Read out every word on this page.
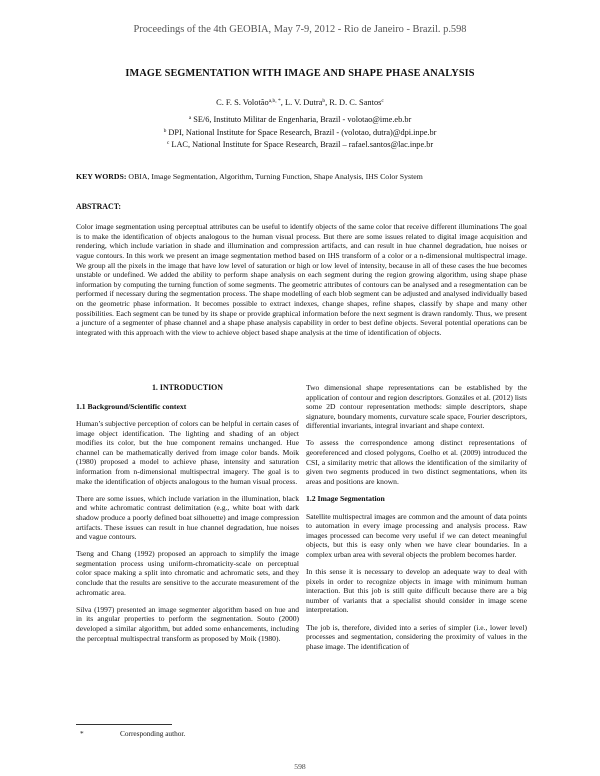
Proceedings of the 4th GEOBIA, May 7-9, 2012 - Rio de Janeiro - Brazil. p.598
IMAGE SEGMENTATION WITH IMAGE AND SHAPE PHASE ANALYSIS
C. F. S. Volotão$^{a,b, *}$, L. V. Dutra$^b$, R. D. C. Santos$^c$
$^a$ SE/6, Instituto Militar de Engenharia, Brazil - volotao@ime.eb.br
$^b$ DPI, National Institute for Space Research, Brazil - (volotao, dutra)@dpi.inpe.br
$^c$ LAC, National Institute for Space Research, Brazil – rafael.santos@lac.inpe.br
KEY WORDS: OBIA, Image Segmentation, Algorithm, Turning Function, Shape Analysis, IHS Color System
ABSTRACT:
Color image segmentation using perceptual attributes can be useful to identify objects of the same color that receive different illuminations The goal is to make the identification of objects analogous to the human visual process. But there are some issues related to digital image acquisition and rendering, which include variation in shade and illumination and compression artifacts, and can result in hue channel degradation, hue noises or vague contours. In this work we present an image segmentation method based on IHS transform of a color or a n-dimensional multispectral image. We group all the pixels in the image that have low level of saturation or high or low level of intensity, because in all of these cases the hue becomes unstable or undefined. We added the ability to perform shape analysis on each segment during the region growing algorithm, using shape phase information by computing the turning function of some segments. The geometric attributes of contours can be analysed and a resegmentation can be performed if necessary during the segmentation process. The shape modelling of each blob segment can be adjusted and analysed individually based on the geometric phase information. It becomes possible to extract indexes, change shapes, refine shapes, classify by shape and many other possibilities. Each segment can be tuned by its shape or provide graphical information before the next segment is drawn randomly. Thus, we present a juncture of a segmenter of phase channel and a shape phase analysis capability in order to best define objects. Several potential operations can be integrated with this approach with the view to achieve object based shape analysis at the time of identification of objects.
1. INTRODUCTION
1.1 Background/Scientific context

Human’s subjective perception of colors can be helpful in certain cases of image object identification. The lighting and shading of an object modifies its color, but the hue component remains unchanged. Hue channel can be mathematically derived from image color bands. Moik (1980) proposed a model to achieve phase, intensity and saturation information from n-dimensional multispectral imagery. The goal is to make the identification of objects analogous to the human visual process.

There are some issues, which include variation in the illumination, black and white achromatic contrast delimitation (e.g., white boat with dark shadow produce a poorly defined boat silhouette) and image compression artifacts. These issues can result in hue channel degradation, hue noises and vague contours.

Tseng and Chang (1992) proposed an approach to simplify the image segmentation process using uniform-chromaticity-scale on perceptual color space making a split into chromatic and achromatic sets, and they conclude that the results are sensitive to the accurate measurement of the achromatic area.

Silva (1997) presented an image segmenter algorithm based on hue and in its angular properties to perform the segmentation. Souto (2000) developed a similar algorithm, but added some enhancements, including the perceptual multispectral transform as proposed by Moik (1980).

Two dimensional shape representations can be established by the application of contour and region descriptors. Gonzáles et al. (2012) lists some 2D contour representation methods: simple descriptors, shape signature, boundary moments, curvature scale space, Fourier descriptors, differential invariants, integral invariant and shape context.

To assess the correspondence among distinct representations of georeferenced and closed polygons, Coelho et al. (2009) introduced the CSI, a similarity metric that allows the identification of the similarity of given two segments produced in two distinct segmentations, when its areas and positions are known.

1.2 Image Segmentation

Satellite multispectral images are common and the amount of data points to automation in every image processing and analysis process. Raw images processed can become very useful if we can detect meaningful objects, but this is easy only when we have clear boundaries. In a complex urban area with several objects the problem becomes harder.

In this sense it is necessary to develop an adequate way to deal with pixels in order to recognize objects in image with minimum human interaction. But this job is still quite difficult because there are a big number of variants that a specialist should consider in image scene interpretation.

The job is, therefore, divided into a series of simpler (i.e., lower level) processes and segmentation, considering the proximity of values in the phase image. The identification of

*	Corresponding author.
598
